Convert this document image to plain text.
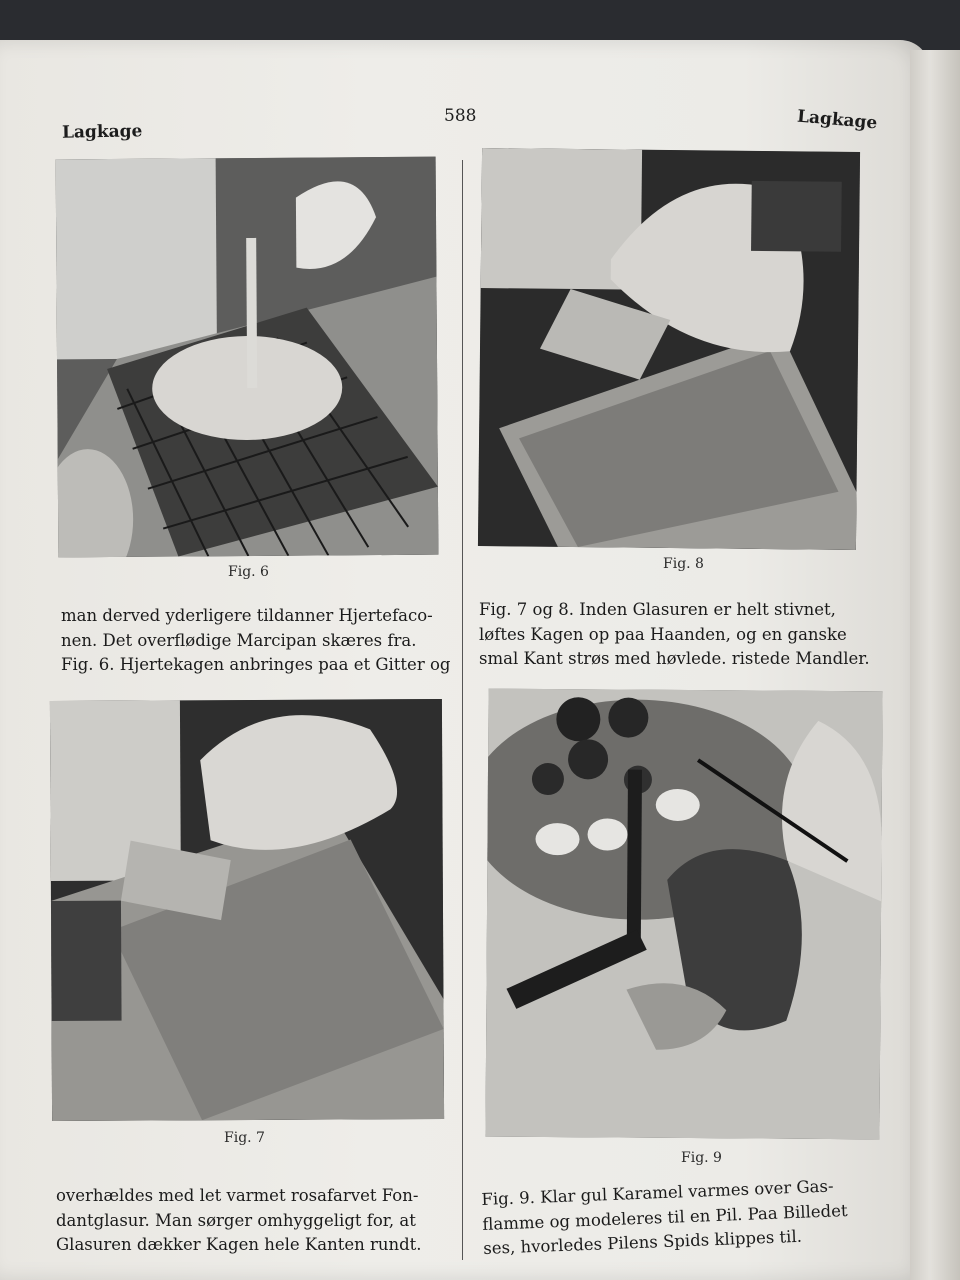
Lagkage
588	Lagkage
Fig. 6	Fig. 8
man derved yderligere tildanner Hjertefaco-
nen. Det overflødige Marcipan skæres fra.
Fig. 6. Hjertekagen anbringes paa et Gitter og
Fig. 7 og 8. Inden Glasuren er helt stivnet,
løftes Kagen op paa Haanden, og en ganske
smal Kant strøs med høvlede. ristede Mandler.
Fig. 7
Fig. 9
overhældes med let varmet rosafarvet Fon-
dantglasur. Man sørger omhyggeligt for, at
Glasuren dækker Kagen hele Kanten rundt.
Fig. 9. Klar gul Karamel varmes over Gas-
flamme og modeleres til en Pil. Paa Billedet
ses, hvorledes Pilens Spids klippes til.
